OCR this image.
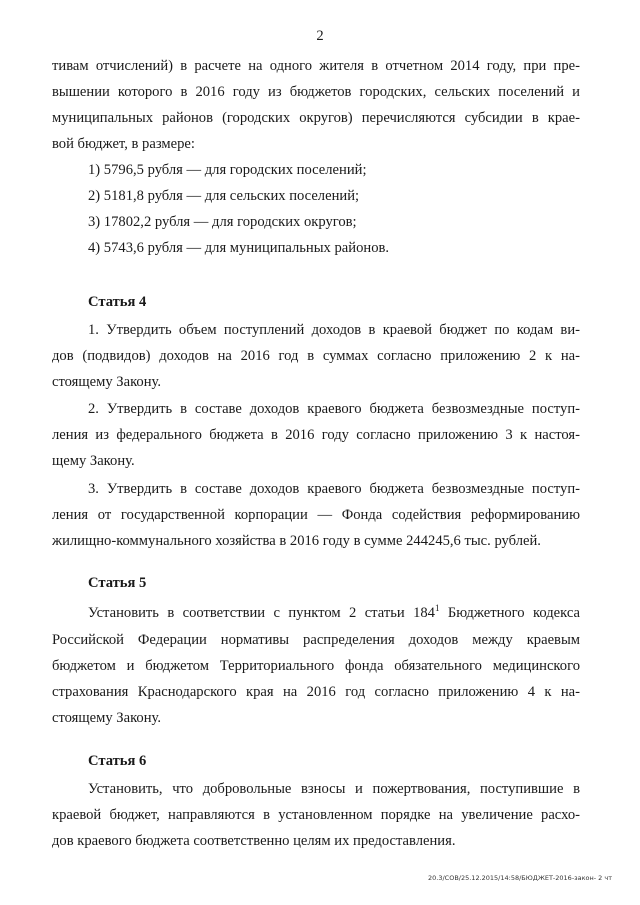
2
тивам отчислений) в расчете на одного жителя в отчетном 2014 году, при пре-
вышении которого в 2016 году из бюджетов городских, сельских поселений и
муниципальных районов (городских округов) перечисляются субсидии в крае-
вой бюджет, в размере:
1) 5796,5 рубля — для городских поселений;
2) 5181,8 рубля — для сельских поселений;
3) 17802,2 рубля — для городских округов;
4) 5743,6 рубля — для муниципальных районов.
Статья 4
1. Утвердить объем поступлений доходов в краевой бюджет по кодам ви-
дов (подвидов) доходов на 2016 год в суммах согласно приложению 2 к на-
стоящему Закону.
2. Утвердить в составе доходов краевого бюджета безвозмездные поступ-
ления из федерального бюджета в 2016 году согласно приложению 3 к настоя-
щему Закону.
3. Утвердить в составе доходов краевого бюджета безвозмездные поступ-
ления от государственной корпорации — Фонда содействия реформированию
жилищно-коммунального хозяйства в 2016 году в сумме 244245,6 тыс. рублей.
Статья 5
Установить в соответствии с пунктом 2 статьи $184^1$ Бюджетного кодекса
Российской Федерации нормативы распределения доходов между краевым
бюджетом и бюджетом Территориального фонда обязательного медицинского
страхования Краснодарского края на 2016 год согласно приложению 4 к на-
стоящему Закону.
Статья 6
Установить, что добровольные взносы и пожертвования, поступившие в
краевой бюджет, направляются в установленном порядке на увеличение расхо-
дов краевого бюджета соответственно целям их предоставления.
20.3/СОВ/25.12.2015/14:58/БЮДЖЕТ-2016-закон- 2 чт
